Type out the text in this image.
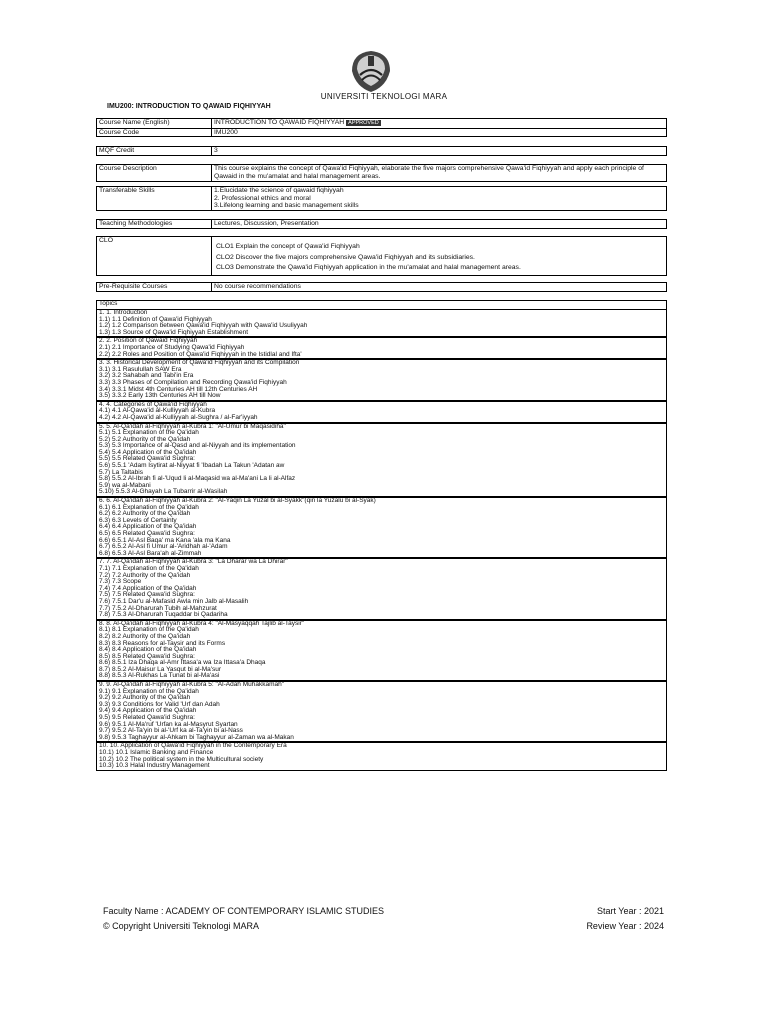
UNIVERSITI TEKNOLOGI MARA
IMU200: INTRODUCTION TO QAWAID FIQHIYYAH
Course Name (English)	INTRODUCTION TO QAWAID FIQHIYYAH APPROVED
Course Code	IMU200
MQF Credit	3
Course Description	This course explains the concept of Qawa'id Fiqhiyyah, elaborate the five majors comprehensive Qawa'id Fiqhiyyah and apply each principle of Qawaid in the mu'amalat and halal management areas.
Transferable Skills	1.Elucidate the science of qawaid fiqhiyyah
2. Professional ethics and moral
3.Lifelong learning and basic management skills
Teaching Methodologies	Lectures, Discussion, Presentation
CLO	
CLO1 Explain the concept of Qawa'id Fiqhiyyah
CLO2 Discover the five majors comprehensive Qawa'id Fiqhiyyah and its subsidiaries.
CLO3 Demonstrate the Qawa'id Fiqhiyyah application in the mu'amalat and halal management areas.
Pre-Requisite Courses	No course recommendations
Topics
1. 1. Introduction
1.1) 1.1 Definition of Qawa'id Fiqhiyyah
1.2) 1.2 Comparison between Qawa'id Fiqhiyyah with Qawa'id Usuliyyah
1.3) 1.3 Source of Qawa'id Fiqhiyyah Establishment
2. 2. Position of Qawaid Fiqhiyyah
2.1) 2.1 Importance of Studying Qawa'id Fiqhiyyah
2.2) 2.2 Roles and Position of Qawa'id Fiqhiyyah in the Istidlal and Ifta'
3. 3. Historical Development of Qawa'id Fiqhiyyah and its Compilation
3.1) 3.1 Rasulullah SAW Era
3.2) 3.2 Sahabah and Tabi'in Era
3.3) 3.3 Phases of Compilation and Recording Qawa'id Fiqhiyyah
3.4) 3.3.1 Midst 4th Centuries AH till 12th Centuries AH
3.5) 3.3.2 Early 13th Centuries AH till Now
4. 4. Categories of Qawa'id Fiqhiyyah
4.1) 4.1 Al-Qawa'id al-Kulliyyah al-Kubra
4.2) 4.2 Al-Qawa'id al-Kulliyyah al-Sughra / al-Far'iyyah
5. 5. Al-Qa'idah al-Fiqhiyyah al-Kubra 1: "Al-Umur bi Maqasidiha"
5.1) 5.1 Explanation of the Qa'idah
5.2) 5.2 Authority of the Qa'idah
5.3) 5.3 Importance of al-Qasd and al-Niyyah and its implementation
5.4) 5.4 Application of the Qa'idah
5.5) 5.5 Related Qawa'id Sughra:
5.6) 5.5.1 'Adam Isytirat al-Niyyat fi 'Ibadah La Takun 'Adatan aw
5.7) La Taltabis
5.8) 5.5.2 Al-Ibrah fi al-'Uqud li al-Maqasid wa al-Ma'ani La li al-Alfaz
5.9) wa al-Mabani
5.10) 5.5.3 Al-Ghayah La Tubarrir al-Wasilah
6. 6. Al-Qa'idah al-Fiqhiyyah al-Kubra 2: "Al-Yaqin La Yuzal bi al-Syakk"(qin la Yuzalu bi al-Syak)
6.1) 6.1 Explanation of the Qa'idah
6.2) 6.2 Authority of the Qa'idah
6.3) 6.3 Levels of Certainty
6.4) 6.4 Application of the Qa'idah
6.5) 6.5 Related Qawa'id Sughra:
6.6) 6.5.1 Al-Asl Baqa' ma Kana 'ala ma Kana
6.7) 6.5.2 Al-Asl fi Umur al-'Aridhah al-'Adam
6.8) 6.5.3 Al-Asl Bara'ah al-Zimmah
7. 7. Al-Qa'idah al-Fiqhiyyah al-Kubra 3: "La Dharar wa La Dhirar"
7.1) 7.1 Explanation of the Qa'idah
7.2) 7.2 Authority of the Qa'idah
7.3) 7.3 Scope
7.4) 7.4 Application of the Qa'idah
7.5) 7.5 Related Qawa'id Sughra:
7.6) 7.5.1 Dar'u al-Mafasid Awla min Jalb al-Masalih
7.7) 7.5.2 Al-Dharurah Tubih al-Mahzurat
7.8) 7.5.3 Al-Dharurah Tuqaddar bi Qadariha
8. 8. Al-Qa'idah al-Fiqhiyyah al-Kubra 4: "Al-Masyaqqah Tajlib al-Taysir"
8.1) 8.1 Explanation of the Qa'idah
8.2) 8.2 Authority of the Qa'idah
8.3) 8.3 Reasons for al-Taysir and its Forms
8.4) 8.4 Application of the Qa'idah
8.5) 8.5 Related Qawa'id Sughra:
8.6) 8.5.1 Iza Dhaqa al-Amr Ittasa'a wa Iza Ittasa'a Dhaqa
8.7) 8.5.2 Al-Maisur La Yasqut bi al-Ma'sur
8.8) 8.5.3 Al-Rukhas La Tunat bi al-Ma'asi
9. 9. Al-Qa'idah al-Fiqhiyyah al-Kubra 5: "Al-Adah Muhakkamah"
9.1) 9.1 Explanation of the Qa'idah
9.2) 9.2 Authority of the Qa'idah
9.3) 9.3 Conditions for Valid 'Urf dan Adah
9.4) 9.4 Application of the Qa'idah
9.5) 9.5 Related Qawa'id Sughra:
9.6) 9.5.1 Al-Ma'ruf 'Urfan ka al-Masyrut Syartan
9.7) 9.5.2 Al-Ta'yin bi al-'Urf ka al-Ta'yin bi al-Nass
9.8) 9.5.3 Taghayyur al-Ahkam bi Taghayyur al-Zaman wa al-Makan
10. 10. Application of Qawa'id Fiqhiyyah in the Contemporary Era
10.1) 10.1 Islamic Banking and Finance
10.2) 10.2 The political system in the Multicultural society
10.3) 10.3 Halal Industry Management
Faculty Name : ACADEMY OF CONTEMPORARY ISLAMIC STUDIES
© Copyright Universiti Teknologi MARA
Start Year : 2021
Review Year : 2024
